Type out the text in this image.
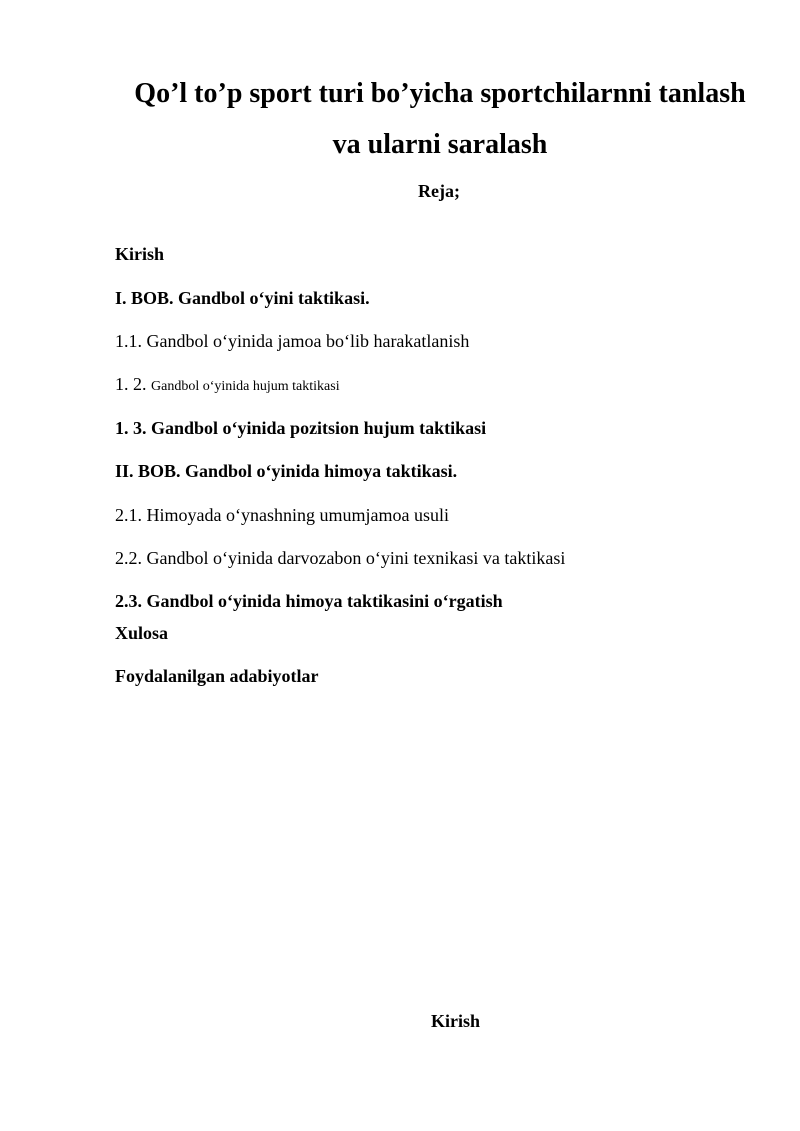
Qo’l to’p sport turi bo’yicha sportchilarnni tanlash
va ularni saralash
Reja;
Kirish
I. BOB. Gandbol o‘yini taktikasi.
1.1. Gandbol o‘yinida jamoa bo‘lib harakatlanish
1. 2. Gandbol o‘yinida hujum taktikasi
1. 3. Gandbol o‘yinida pozitsion hujum taktikasi
II. BOB. Gandbol o‘yinida himoya taktikasi.
2.1. Himoyada o‘ynashning umumjamoa usuli
2.2. Gandbol o‘yinida darvozabon o‘yini texnikasi va taktikasi
2.3. Gandbol o‘yinida himoya taktikasini o‘rgatish
Xulosa
Foydalanilgan adabiyotlar
Kirish
